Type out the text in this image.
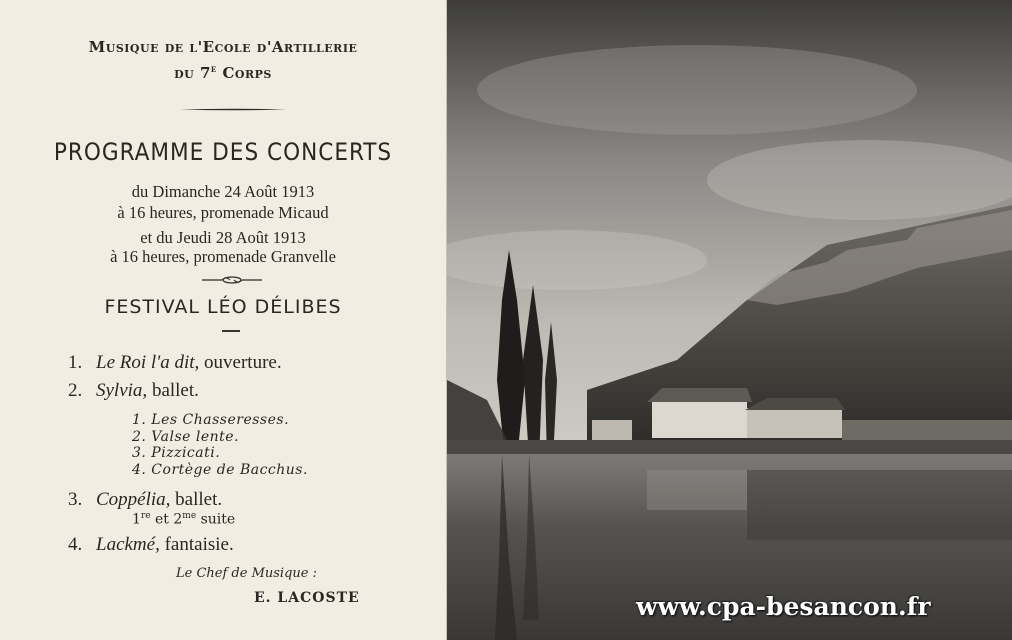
Musique de l'Ecole d'Artillerie
du 7e Corps
PROGRAMME DES CONCERTS
du Dimanche 24 Août 1913
à 16 heures, promenade Micaud
et du Jeudi 28 Août 1913
à 16 heures, promenade Granvelle
FESTIVAL LÉO DÉLIBES
1. Le Roi l'a dit, ouverture.
2. Sylvia, ballet.
1. Les Chasseresses.
2. Valse lente.
3. Pizzicati.
4. Cortège de Bacchus.
3. Coppélia, ballet.
1re et $2^{me}$ suite
4. Lackmé, fantaisie.
Le Chef de Musique :
E. LACOSTE	www.cpa-besancon.fr
